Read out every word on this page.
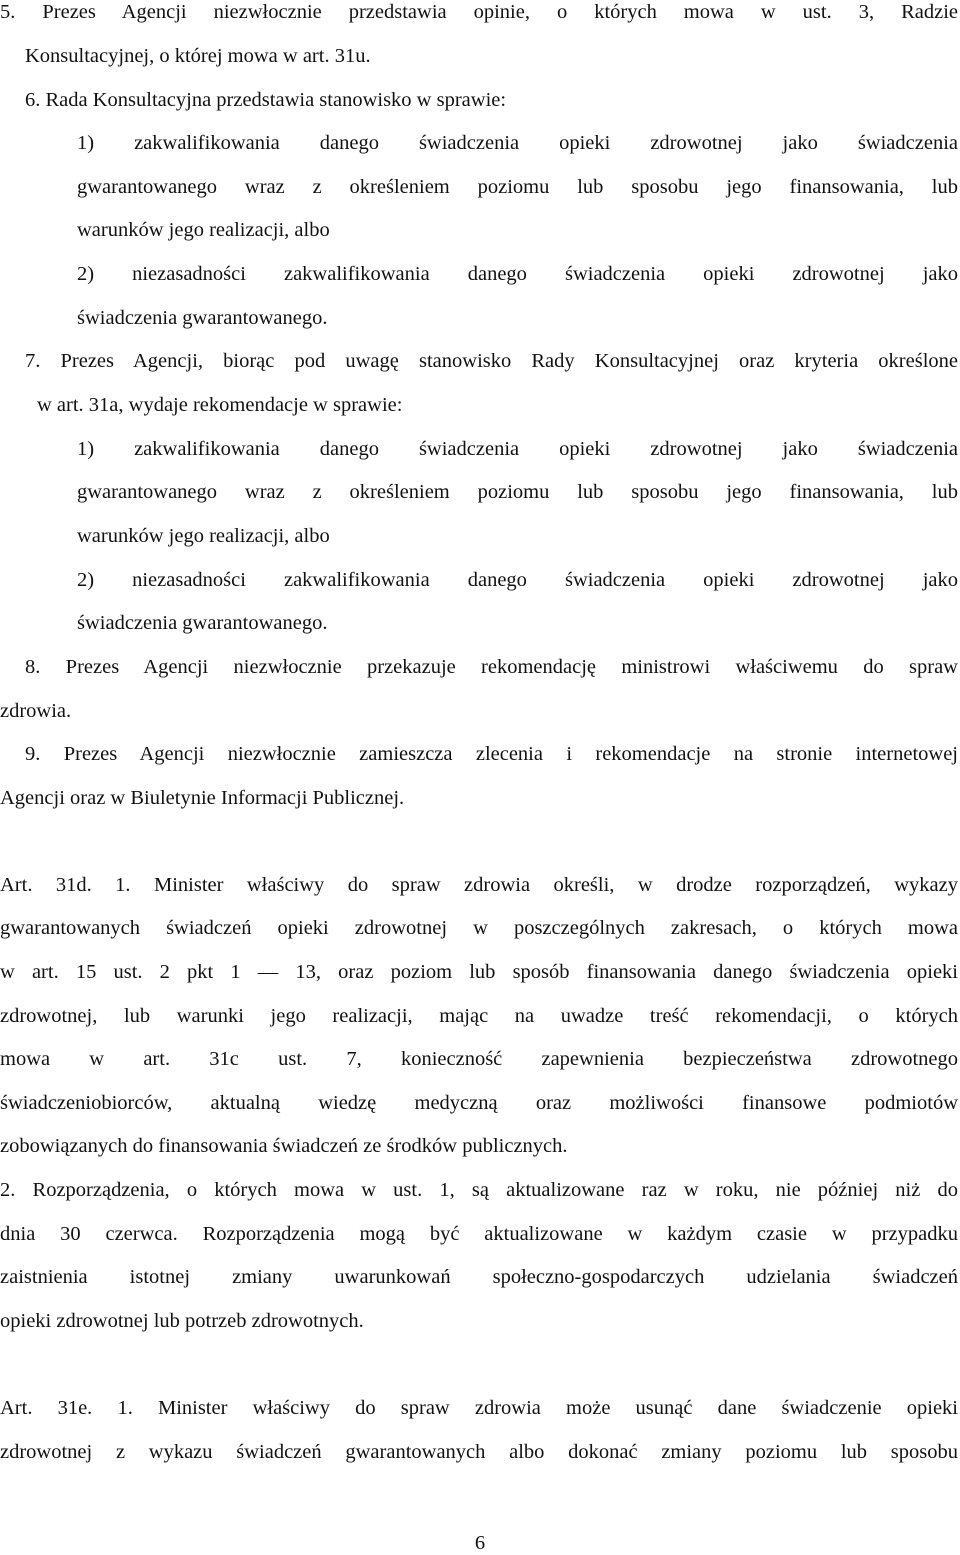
5. Prezes Agencji niezwłocznie przedstawia opinie, o których mowa w ust. 3, Radzie
Konsultacyjnej, o której mowa w art. 31u.
6. Rada Konsultacyjna przedstawia stanowisko w sprawie:
1) zakwalifikowania danego świadczenia opieki zdrowotnej jako świadczenia
gwarantowanego wraz z określeniem poziomu lub sposobu jego finansowania, lub
warunków jego realizacji, albo
2) niezasadności zakwalifikowania danego świadczenia opieki zdrowotnej jako
świadczenia gwarantowanego.
7. Prezes Agencji, biorąc pod uwagę stanowisko Rady Konsultacyjnej oraz kryteria określone
w art. 31a, wydaje rekomendacje w sprawie:
1) zakwalifikowania danego świadczenia opieki zdrowotnej jako świadczenia
gwarantowanego wraz z określeniem poziomu lub sposobu jego finansowania, lub
warunków jego realizacji, albo
2) niezasadności zakwalifikowania danego świadczenia opieki zdrowotnej jako
świadczenia gwarantowanego.
8. Prezes Agencji niezwłocznie przekazuje rekomendację ministrowi właściwemu do spraw
zdrowia.
9. Prezes Agencji niezwłocznie zamieszcza zlecenia i rekomendacje na stronie internetowej
Agencji oraz w Biuletynie Informacji Publicznej.
Art. 31d. 1. Minister właściwy do spraw zdrowia określi, w drodze rozporządzeń, wykazy
gwarantowanych świadczeń opieki zdrowotnej w poszczególnych zakresach, o których mowa
w art. 15 ust. 2 pkt 1 — 13, oraz poziom lub sposób finansowania danego świadczenia opieki
zdrowotnej, lub warunki jego realizacji, mając na uwadze treść rekomendacji, o których
mowa w art. 31c ust. 7, konieczność zapewnienia bezpieczeństwa zdrowotnego
świadczeniobiorców, aktualną wiedzę medyczną oraz możliwości finansowe podmiotów
zobowiązanych do finansowania świadczeń ze środków publicznych.
2. Rozporządzenia, o których mowa w ust. 1, są aktualizowane raz w roku, nie później niż do
dnia 30 czerwca. Rozporządzenia mogą być aktualizowane w każdym czasie w przypadku
zaistnienia istotnej zmiany uwarunkowań społeczno-gospodarczych udzielania świadczeń
opieki zdrowotnej lub potrzeb zdrowotnych.
Art. 31e. 1. Minister właściwy do spraw zdrowia może usunąć dane świadczenie opieki
zdrowotnej z wykazu świadczeń gwarantowanych albo dokonać zmiany poziomu lub sposobu
6
